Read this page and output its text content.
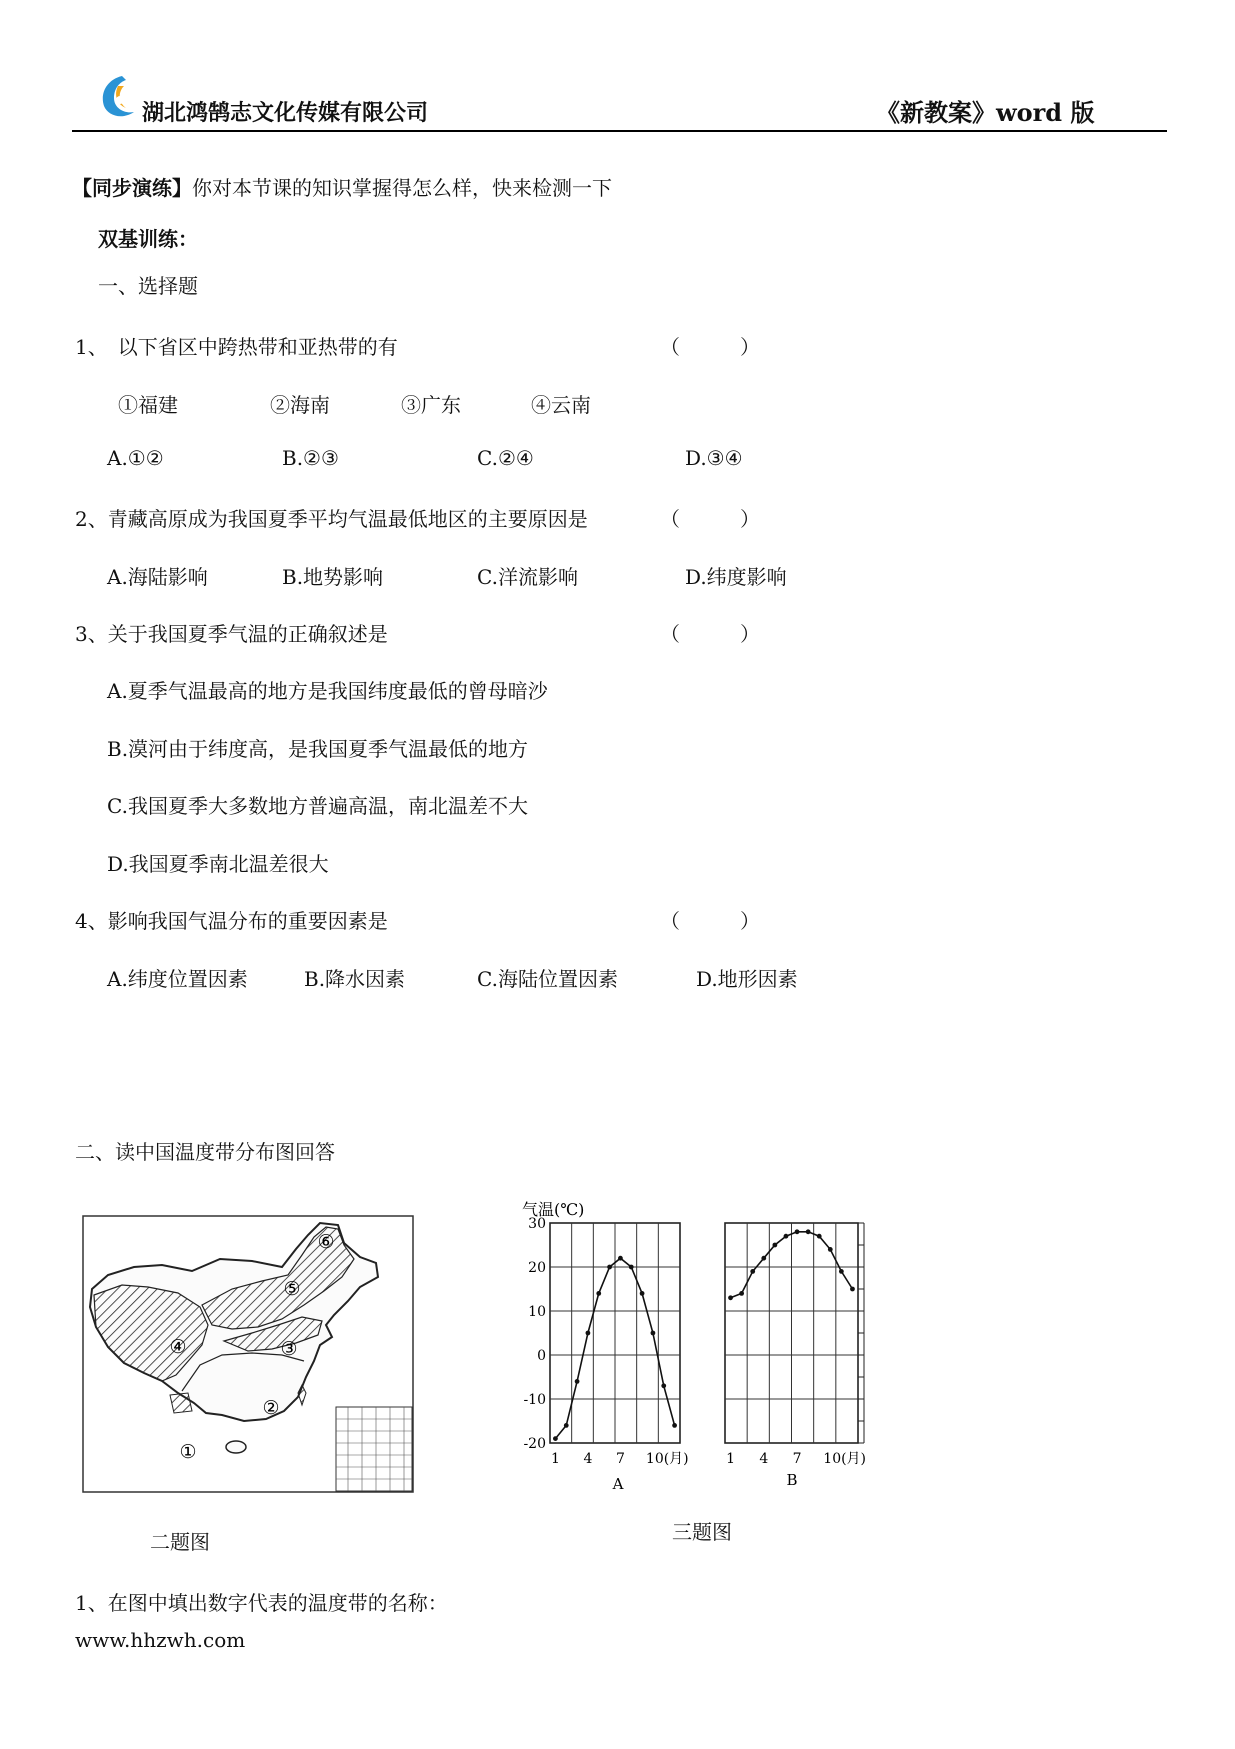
湖北鸿鹄志文化传媒有限公司	《新教案》word 版
【同步演练】你对本节课的知识掌握得怎么样，快来检测一下
双基训练：
一、选择题
1、　以下省区中跨热带和亚热带的有	（　　　）
①福建	②海南	③广东	④云南
A.①②	B.②③	C.②④	D.③④
2、青藏高原成为我国夏季平均气温最低地区的主要原因是	（　　　）
A.海陆影响	B.地势影响	C.洋流影响	D.纬度影响
3、关于我国夏季气温的正确叙述是	（　　　）
A.夏季气温最高的地方是我国纬度最低的曾母暗沙
B.漠河由于纬度高，是我国夏季气温最低的地方
C.我国夏季大多数地方普遍高温，南北温差不大
D.我国夏季南北温差很大
4、影响我国气温分布的重要因素是	（　　　）
A.纬度位置因素	B.降水因素	C.海陆位置因素	D.地形因素
二、读中国温度带分布图回答
①
②
③
④
⑤
⑥
二题图
气温(℃)
30
20
10
0
-10
-20
1 4 7 10(月)	1 4 7 10(月)
A	B
三题图
1、在图中填出数字代表的温度带的名称：
www.hhzwh.com
